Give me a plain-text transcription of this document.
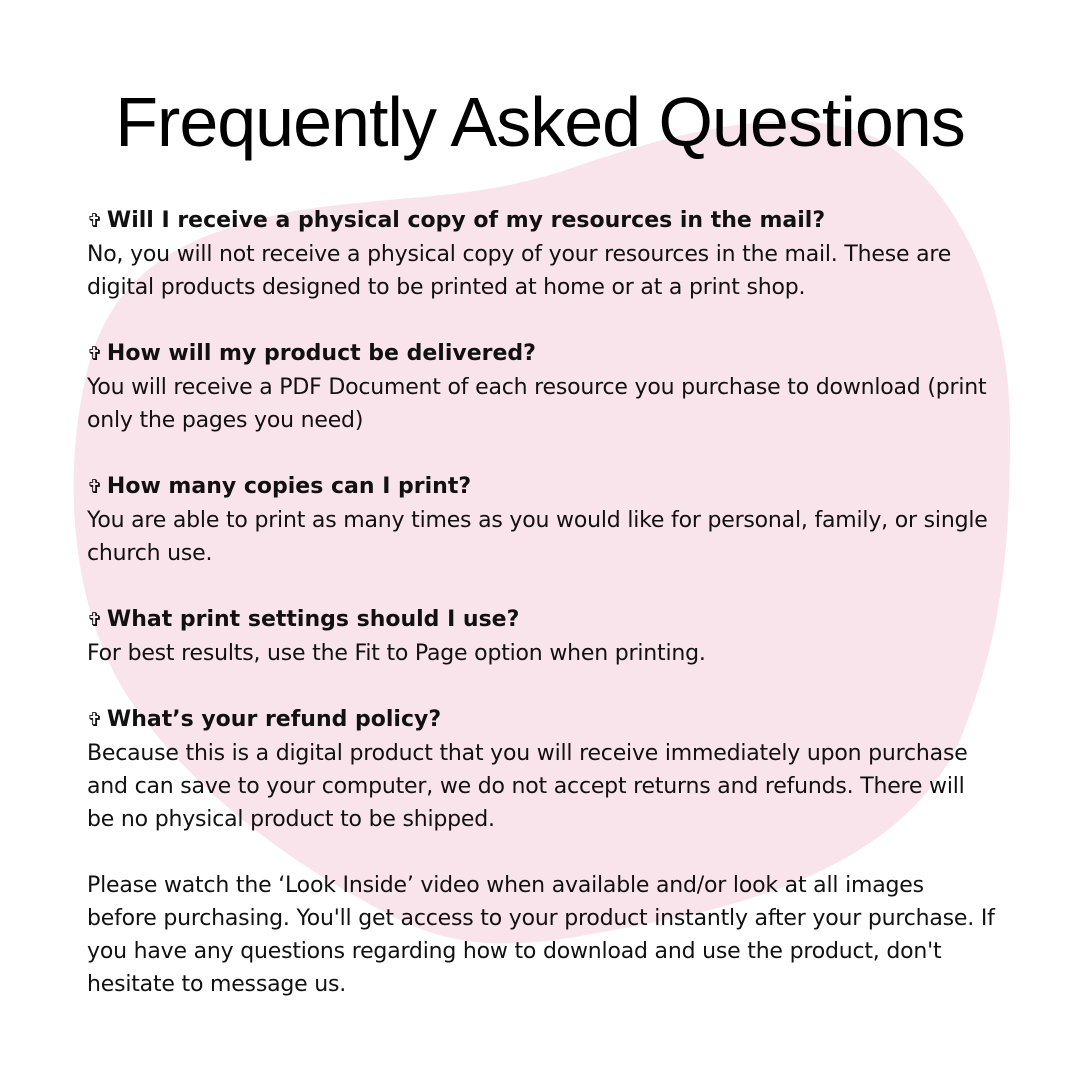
Frequently Asked Questions

✞ Will I receive a physical copy of my resources in the mail?

No, you will not receive a physical copy of your resources in the mail. These are digital products designed to be printed at home or at a print shop.

✞ How will my product be delivered?

You will receive a PDF Document of each resource you purchase to download (print only the pages you need)

✞ How many copies can I print?

You are able to print as many times as you would like for personal, family, or single church use.

✞ What print settings should I use?

For best results, use the Fit to Page option when printing.

✞ What’s your refund policy?

Because this is a digital product that you will receive immediately upon purchase and can save to your computer, we do not accept returns and refunds. There will be no physical product to be shipped.

Please watch the ‘Look Inside’ video when available and/or look at all images before purchasing. You'll get access to your product instantly after your purchase. If you have any questions regarding how to download and use the product, don't hesitate to message us.
